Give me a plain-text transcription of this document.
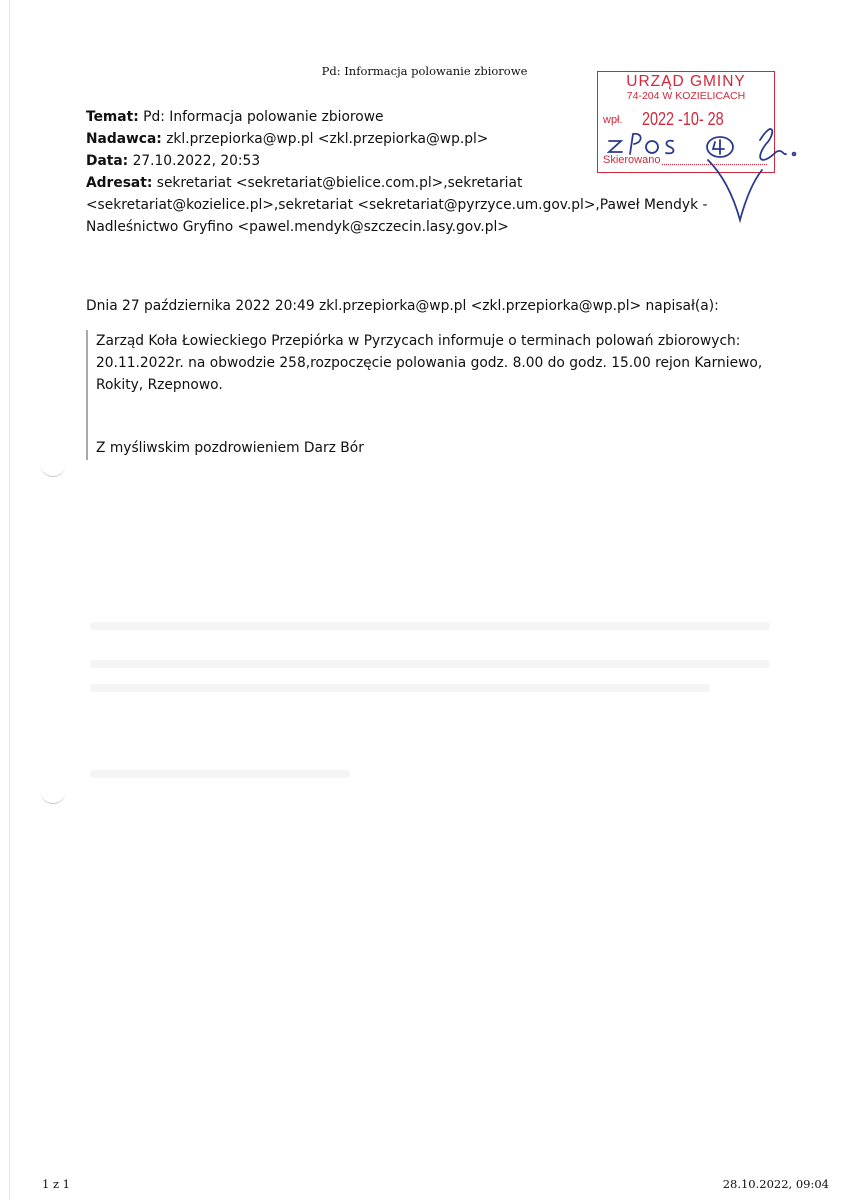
Pd: Informacja polowanie zbiorowe
Temat: Pd: Informacja polowanie zbiorowe
Nadawca: zkl.przepiorka@wp.pl <zkl.przepiorka@wp.pl>
Data: 27.10.2022, 20:53
Adresat: sekretariat <sekretariat@bielice.com.pl>,sekretariat <sekretariat@kozielice.pl>,sekretariat <sekretariat@pyrzyce.um.gov.pl>,Paweł Mendyk - Nadleśnictwo Gryfino <pawel.mendyk@szczecin.lasy.gov.pl>
Dnia 27 października 2022 20:49 zkl.przepiorka@wp.pl <zkl.przepiorka@wp.pl> napisał(a):
Zarząd Koła Łowieckiego Przepiórka w Pyrzycach informuje o terminach polowań zbiorowych: 20.11.2022r. na obwodzie 258,rozpoczęcie polowania godz. 8.00 do godz. 15.00 rejon Karniewo, Rokity, Rzepnowo.
Z myśliwskim pozdrowieniem Darz Bór
URZĄD GMINY
74-204 W KOZIELICACH
wpł. 2022 -10- 28
Skierowano
1 z 1	28.10.2022, 09:04
